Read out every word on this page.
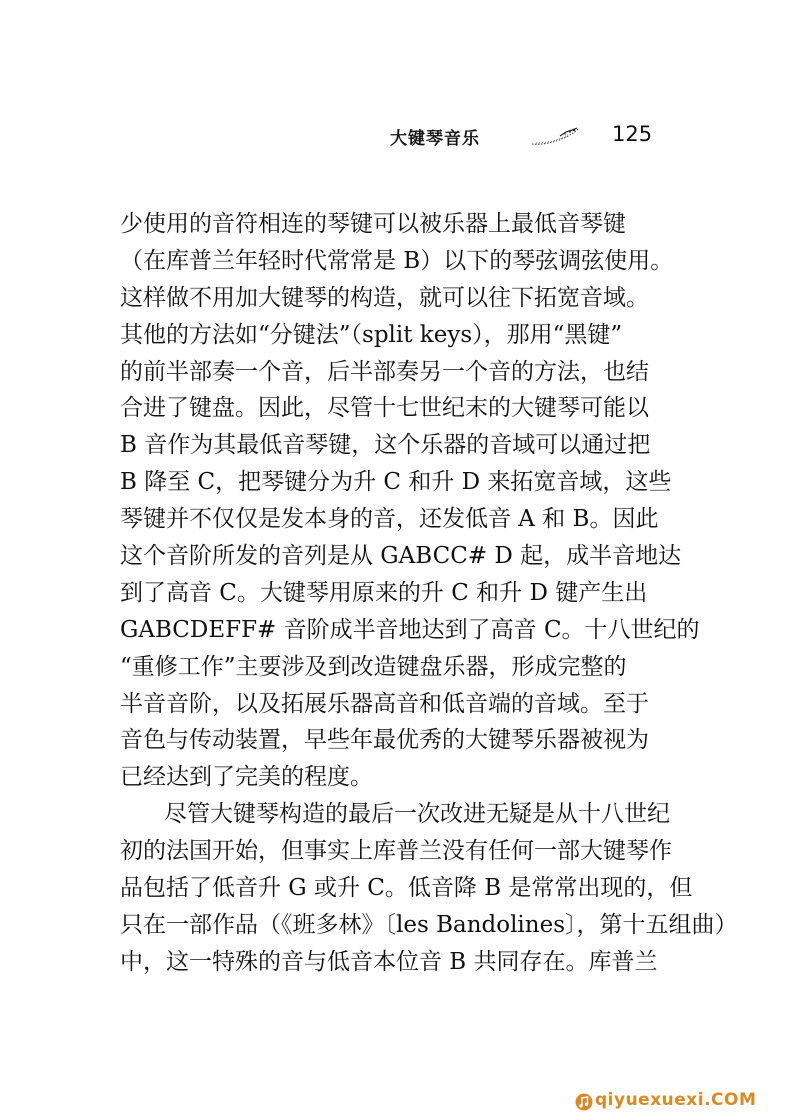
大键琴音乐	125
少使用的音符相连的琴键可以被乐器上最低音琴键
（在库普兰年轻时代常常是 B）以下的琴弦调弦使用。
这样做不用加大键琴的构造，就可以往下拓宽音域。
其他的方法如“分键法”（split keys），那用“黑键”
的前半部奏一个音，后半部奏另一个音的方法，也结
合进了键盘。因此，尽管十七世纪末的大键琴可能以
B 音作为其最低音琴键，这个乐器的音域可以通过把
B 降至 C，把琴键分为升 C 和升 D 来拓宽音域，这些
琴键并不仅仅是发本身的音，还发低音 A 和 B。因此
这个音阶所发的音列是从 GABCC# D 起，成半音地达
到了高音 C。大键琴用原来的升 C 和升 D 键产生出
GABCDEFF# 音阶成半音地达到了高音 C。十八世纪的
“重修工作”主要涉及到改造键盘乐器，形成完整的
半音音阶，以及拓展乐器高音和低音端的音域。至于
音色与传动装置，早些年最优秀的大键琴乐器被视为
已经达到了完美的程度。
尽管大键琴构造的最后一次改进无疑是从十八世纪
初的法国开始，但事实上库普兰没有任何一部大键琴作
品包括了低音升 G 或升 C。低音降 B 是常常出现的，但
只在一部作品（《班多林》〔les Bandolines〕，第十五组曲）
中，这一特殊的音与低音本位音 B 共同存在。库普兰
qiyuexuexi.COM
